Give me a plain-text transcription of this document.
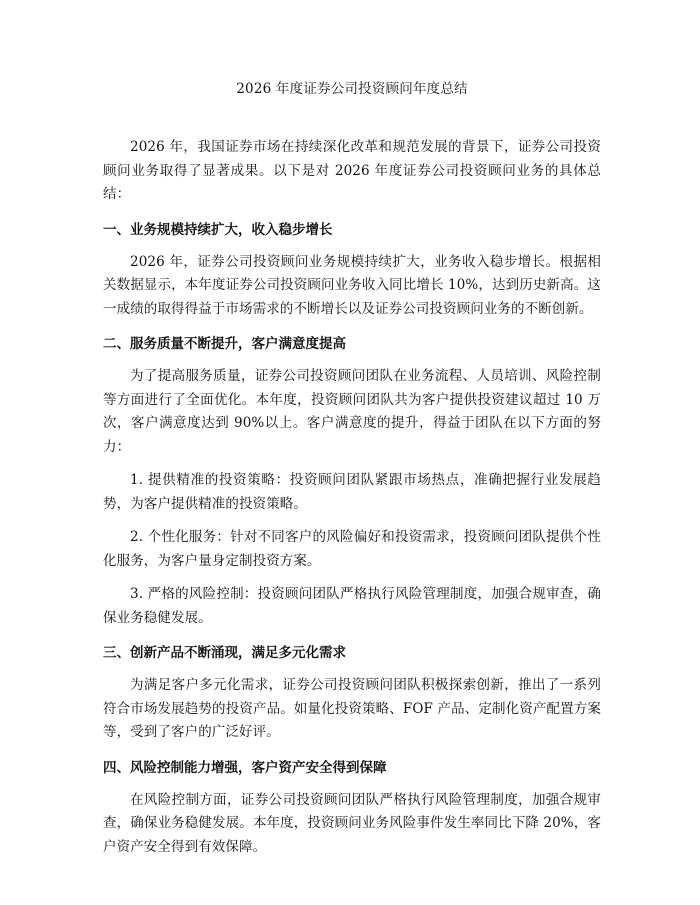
2026 年度证券公司投资顾问年度总结

2026 年，我国证券市场在持续深化改革和规范发展的背景下，证券公司投资顾问业务取得了显著成果。以下是对 2026 年度证券公司投资顾问业务的具体总结：

一、业务规模持续扩大，收入稳步增长

2026 年，证券公司投资顾问业务规模持续扩大，业务收入稳步增长。根据相关数据显示，本年度证券公司投资顾问业务收入同比增长 10%，达到历史新高。这一成绩的取得得益于市场需求的不断增长以及证券公司投资顾问业务的不断创新。

二、服务质量不断提升，客户满意度提高

为了提高服务质量，证券公司投资顾问团队在业务流程、人员培训、风险控制等方面进行了全面优化。本年度，投资顾问团队共为客户提供投资建议超过 10 万次，客户满意度达到 90%以上。客户满意度的提升，得益于团队在以下方面的努力：

1. 提供精准的投资策略：投资顾问团队紧跟市场热点，准确把握行业发展趋势，为客户提供精准的投资策略。

2. 个性化服务：针对不同客户的风险偏好和投资需求，投资顾问团队提供个性化服务，为客户量身定制投资方案。

3. 严格的风险控制：投资顾问团队严格执行风险管理制度，加强合规审查，确保业务稳健发展。

三、创新产品不断涌现，满足多元化需求

为满足客户多元化需求，证券公司投资顾问团队积极探索创新，推出了一系列符合市场发展趋势的投资产品。如量化投资策略、FOF 产品、定制化资产配置方案等，受到了客户的广泛好评。

四、风险控制能力增强，客户资产安全得到保障

在风险控制方面，证券公司投资顾问团队严格执行风险管理制度，加强合规审查，确保业务稳健发展。本年度，投资顾问业务风险事件发生率同比下降 20%，客户资产安全得到有效保障。
